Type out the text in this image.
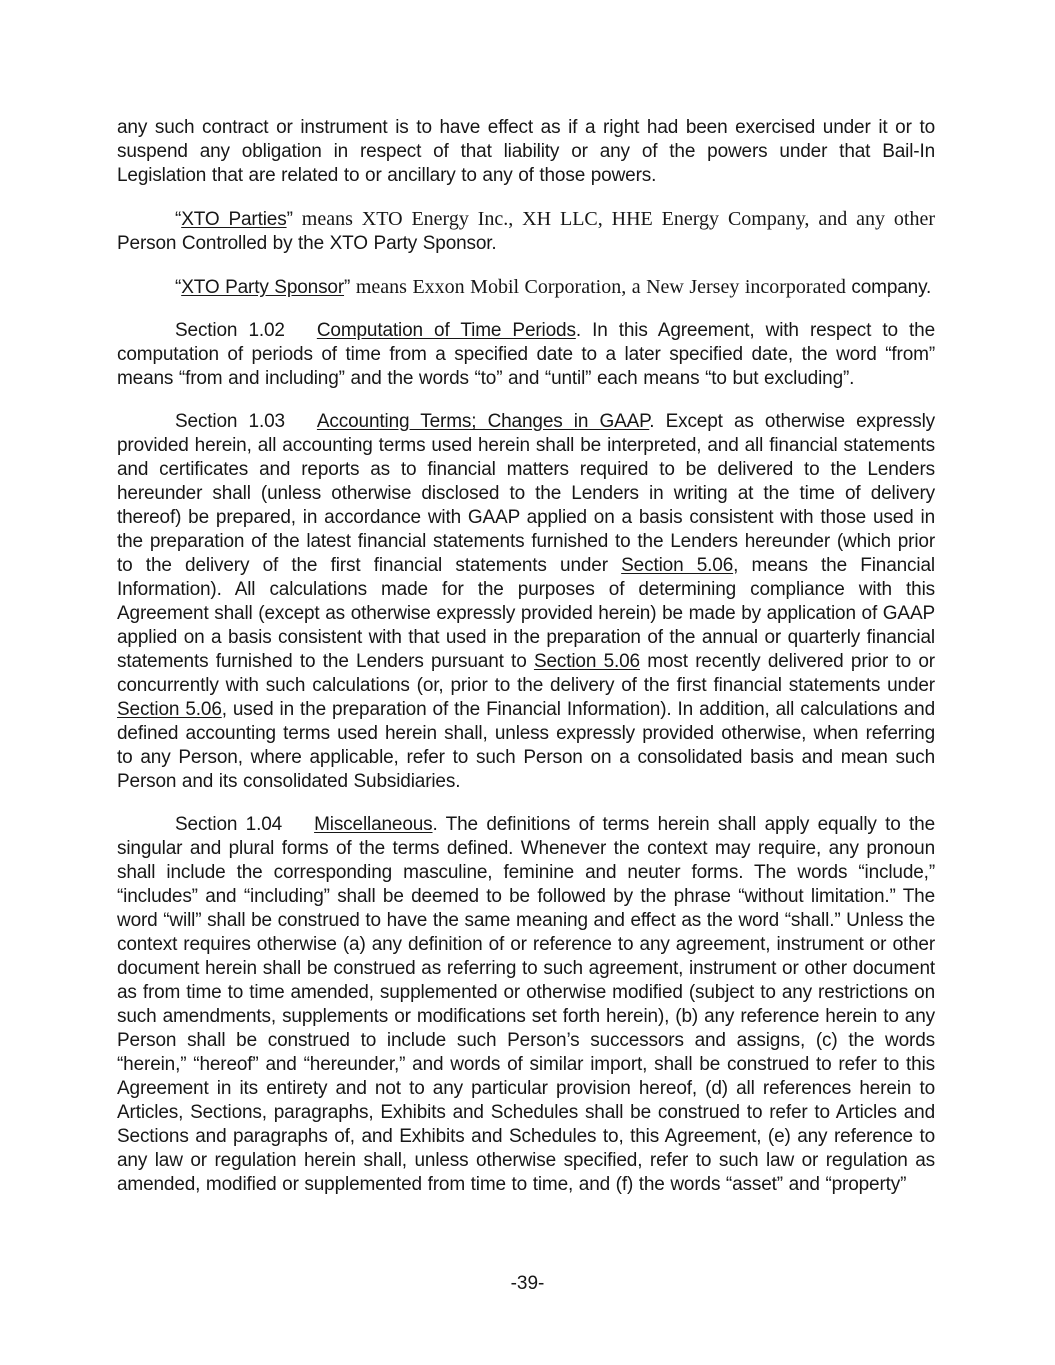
any such contract or instrument is to have effect as if a right had been exercised under it or to suspend any obligation in respect of that liability or any of the powers under that Bail-In Legislation that are related to or ancillary to any of those powers.

“XTO Parties” means XTO Energy Inc., XH LLC, HHE Energy Company, and any other Person Controlled by the XTO Party Sponsor.

“XTO Party Sponsor” means Exxon Mobil Corporation, a New Jersey incorporated company.

Section 1.02 Computation of Time Periods. In this Agreement, with respect to the computation of periods of time from a specified date to a later specified date, the word “from” means “from and including” and the words “to” and “until” each means “to but excluding”.

Section 1.03 Accounting Terms; Changes in GAAP. Except as otherwise expressly provided herein, all accounting terms used herein shall be interpreted, and all financial statements and certificates and reports as to financial matters required to be delivered to the Lenders hereunder shall (unless otherwise disclosed to the Lenders in writing at the time of delivery thereof) be prepared, in accordance with GAAP applied on a basis consistent with those used in the preparation of the latest financial statements furnished to the Lenders hereunder (which prior to the delivery of the first financial statements under Section 5.06, means the Financial Information). All calculations made for the purposes of determining compliance with this Agreement shall (except as otherwise expressly provided herein) be made by application of GAAP applied on a basis consistent with that used in the preparation of the annual or quarterly financial statements furnished to the Lenders pursuant to Section 5.06 most recently delivered prior to or concurrently with such calculations (or, prior to the delivery of the first financial statements under Section 5.06, used in the preparation of the Financial Information). In addition, all calculations and defined accounting terms used herein shall, unless expressly provided otherwise, when referring to any Person, where applicable, refer to such Person on a consolidated basis and mean such Person and its consolidated Subsidiaries.

Section 1.04 Miscellaneous. The definitions of terms herein shall apply equally to the singular and plural forms of the terms defined. Whenever the context may require, any pronoun shall include the corresponding masculine, feminine and neuter forms. The words “include,” “includes” and “including” shall be deemed to be followed by the phrase “without limitation.” The word “will” shall be construed to have the same meaning and effect as the word “shall.” Unless the context requires otherwise (a) any definition of or reference to any agreement, instrument or other document herein shall be construed as referring to such agreement, instrument or other document as from time to time amended, supplemented or otherwise modified (subject to any restrictions on such amendments, supplements or modifications set forth herein), (b) any reference herein to any Person shall be construed to include such Person’s successors and assigns, (c) the words “herein,” “hereof” and “hereunder,” and words of similar import, shall be construed to refer to this Agreement in its entirety and not to any particular provision hereof, (d) all references herein to Articles, Sections, paragraphs, Exhibits and Schedules shall be construed to refer to Articles and Sections and paragraphs of, and Exhibits and Schedules to, this Agreement, (e) any reference to any law or regulation herein shall, unless otherwise specified, refer to such law or regulation as amended, modified or supplemented from time to time, and (f) the words “asset” and “property”

-39-
